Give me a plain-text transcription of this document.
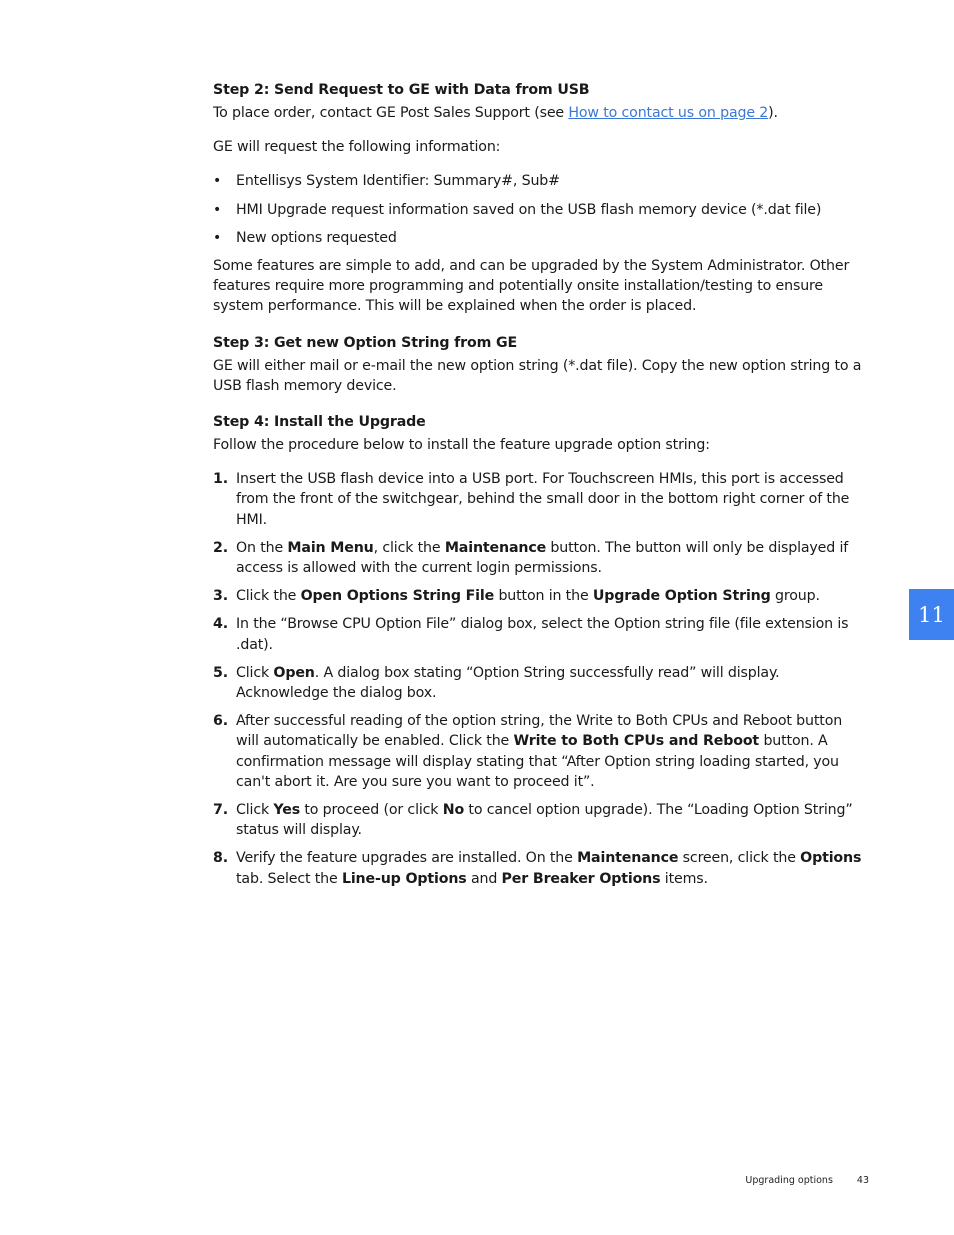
Step 2: Send Request to GE with Data from USB

To place order, contact GE Post Sales Support (see How to contact us on page 2).

GE will request the following information:

• Entellisys System Identifier: Summary#, Sub#
• HMI Upgrade request information saved on the USB flash memory device (*.dat file)
• New options requested

Some features are simple to add, and can be upgraded by the System Administrator. Other features require more programming and potentially onsite installation/testing to ensure system performance. This will be explained when the order is placed.

Step 3: Get new Option String from GE

GE will either mail or e-mail the new option string (*.dat file). Copy the new option string to a USB flash memory device.

Step 4: Install the Upgrade

Follow the procedure below to install the feature upgrade option string:

1. Insert the USB flash device into a USB port. For Touchscreen HMIs, this port is accessed from the front of the switchgear, behind the small door in the bottom right corner of the HMI.
2. On the Main Menu, click the Maintenance button. The button will only be displayed if access is allowed with the current login permissions.
3. Click the Open Options String File button in the Upgrade Option String group.
4. In the “Browse CPU Option File” dialog box, select the Option string file (file extension is .dat).
5. Click Open. A dialog box stating “Option String successfully read” will display. Acknowledge the dialog box.
6. After successful reading of the option string, the Write to Both CPUs and Reboot button will automatically be enabled. Click the Write to Both CPUs and Reboot button. A confirmation message will display stating that “After Option string loading started, you can't abort it. Are you sure you want to proceed it”.
7. Click Yes to proceed (or click No to cancel option upgrade). The “Loading Option String” status will display.
8. Verify the feature upgrades are installed. On the Maintenance screen, click the Options tab. Select the Line-up Options and Per Breaker Options items.
11
Upgrading options	43
